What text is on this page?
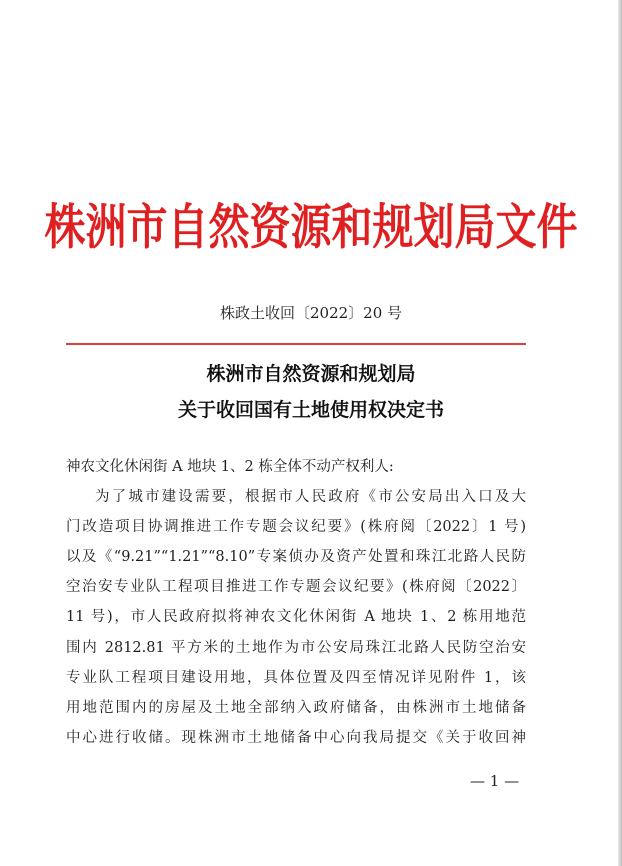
株洲市自然资源和规划局文件
株政土收回〔2022〕20 号
株洲市自然资源和规划局
关于收回国有土地使用权决定书
神农文化休闲街 A 地块 1、2 栋全体不动产权利人:
为了城市建设需要，根据市人民政府《市公安局出入口及大
门改造项目协调推进工作专题会议纪要》(株府阅〔2022〕1 号)
以及《“9.21”“1.21”“8.10”专案侦办及资产处置和珠江北路人民防
空治安专业队工程项目推进工作专题会议纪要》(株府阅〔2022〕
11 号)，市人民政府拟将神农文化休闲街 A 地块 1、2 栋用地范
围内 2812.81 平方米的土地作为市公安局珠江北路人民防空治安
专业队工程项目建设用地，具体位置及四至情况详见附件 1，该
用地范围内的房屋及土地全部纳入政府储备，由株洲市土地储备
中心进行收储。现株洲市土地储备中心向我局提交《关于收回神
— 1 —
